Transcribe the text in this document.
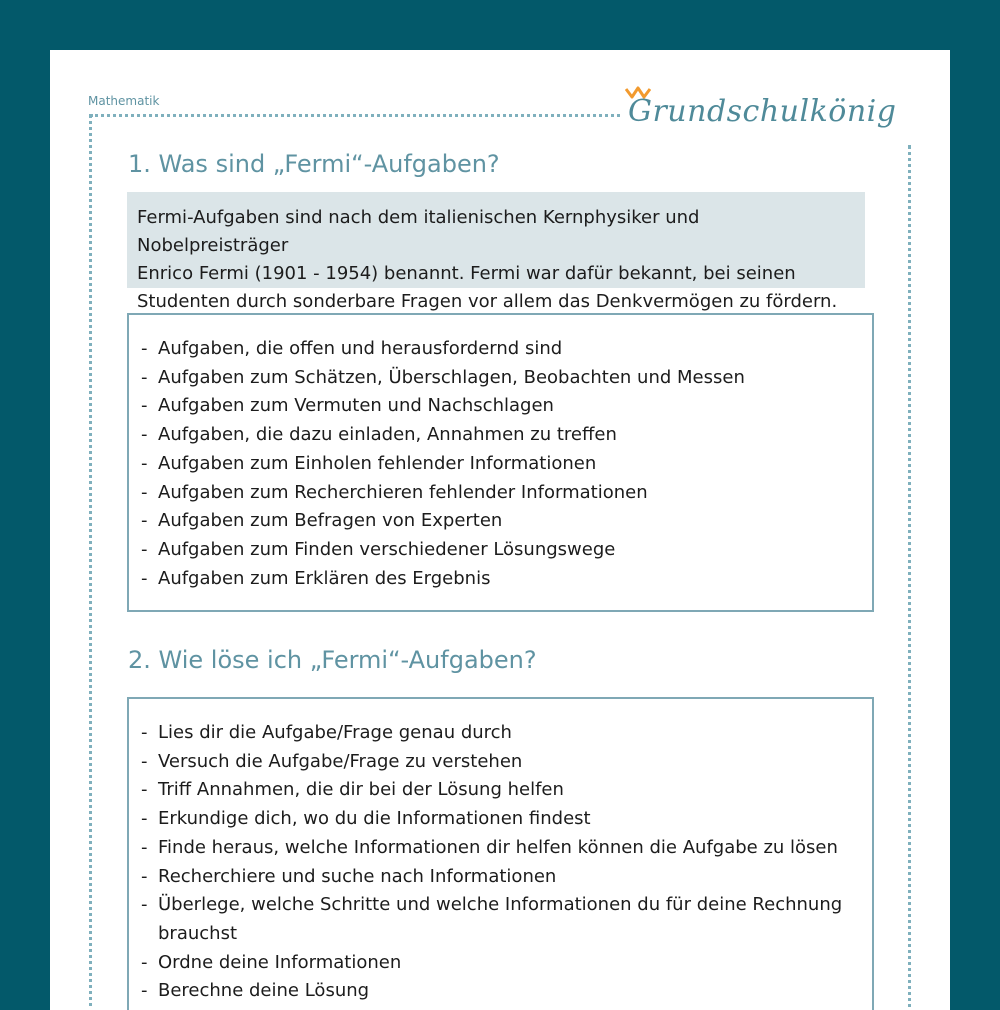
Mathematik	Grundschulkönig
1. Was sind „Fermi“-Aufgaben?
Fermi-Aufgaben sind nach dem italienischen Kernphysiker und Nobelpreisträger
Enrico Fermi (1901 - 1954) benannt. Fermi war dafür bekannt, bei seinen
Studenten durch sonderbare Fragen vor allem das Denkvermögen zu fördern.
- Aufgaben, die offen und herausfordernd sind
- Aufgaben zum Schätzen, Überschlagen, Beobachten und Messen
- Aufgaben zum Vermuten und Nachschlagen
- Aufgaben, die dazu einladen, Annahmen zu treffen
- Aufgaben zum Einholen fehlender Informationen
- Aufgaben zum Recherchieren fehlender Informationen
- Aufgaben zum Befragen von Experten
- Aufgaben zum Finden verschiedener Lösungswege
- Aufgaben zum Erklären des Ergebnis
2. Wie löse ich „Fermi“-Aufgaben?
- Lies dir die Aufgabe/Frage genau durch
- Versuch die Aufgabe/Frage zu verstehen
- Triff Annahmen, die dir bei der Lösung helfen
- Erkundige dich, wo du die Informationen findest
- Finde heraus, welche Informationen dir helfen können die Aufgabe zu lösen
- Recherchiere und suche nach Informationen
- Überlege, welche Schritte und welche Informationen du für deine Rechnung
brauchst
- Ordne deine Informationen
- Berechne deine Lösung
